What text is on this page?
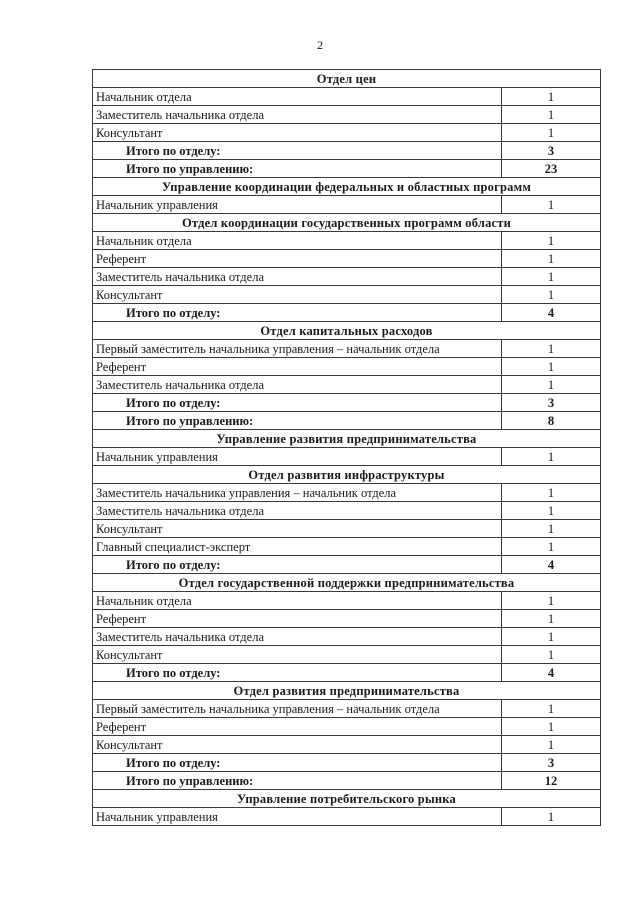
2
Отдел цен	
Начальник отдела	1
Заместитель начальника отдела	1
Консультант	1
Итого по отделу:	3
Итого по управлению:	23
Управление координации федеральных и областных программ	
Начальник управления	1
Отдел координации государственных программ области	
Начальник отдела	1
Референт	1
Заместитель начальника отдела	1
Консультант	1
Итого по отделу:	4
Отдел капитальных расходов	
Первый заместитель начальника управления – начальник отдела	1
Референт	1
Заместитель начальника отдела	1
Итого по отделу:	3
Итого по управлению:	8
Управление развития предпринимательства	
Начальник управления	1
Отдел развития инфраструктуры	
Заместитель начальника управления – начальник отдела	1
Заместитель начальника отдела	1
Консультант	1
Главный специалист-эксперт	1
Итого по отделу:	4
Отдел государственной поддержки предпринимательства	
Начальник отдела	1
Референт	1
Заместитель начальника отдела	1
Консультант	1
Итого по отделу:	4
Отдел развития предпринимательства	
Первый заместитель начальника управления – начальник отдела	1
Референт	1
Консультант	1
Итого по отделу:	3
Итого по управлению:	12
Управление потребительского рынка	
Начальник управления	1
